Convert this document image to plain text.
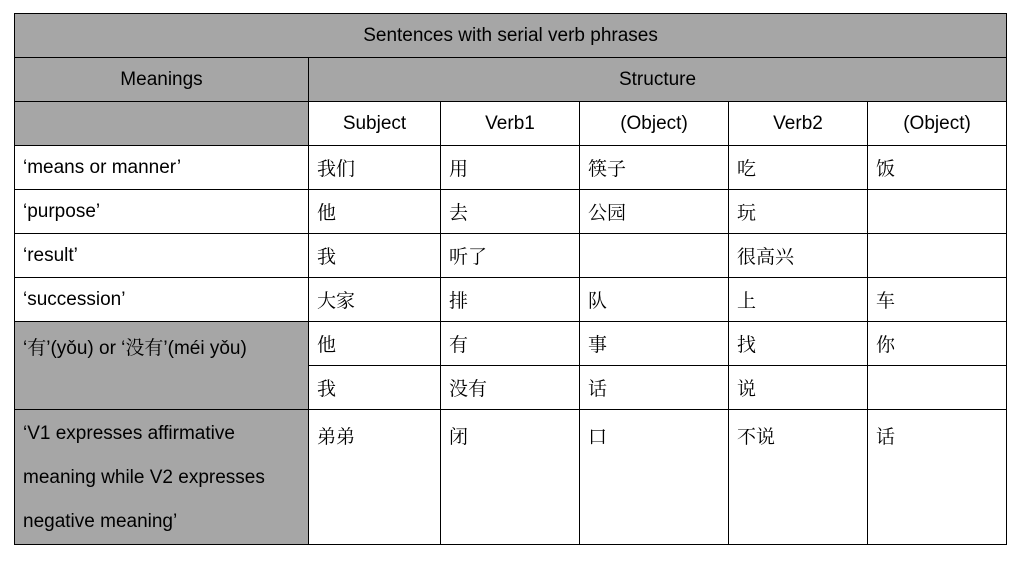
Sentences with serial verb phrases					
Meanings	Structure				
	Subject	Verb1	(Object)	Verb2	(Object)
‘means or manner’	我们	用	筷子	吃	饭
‘purpose’	他	去	公园	玩	
‘result’	我	听了		很高兴	
‘succession’	大家	排	队	上	车
‘有’(yǒu) or ‘没有’(méi yǒu)	他	有	事	找	你
	我	没有	话	说	

‘V1 expresses affirmative
meaning while V2 expresses
negative meaning’	弟弟	闭	口	不说	话
